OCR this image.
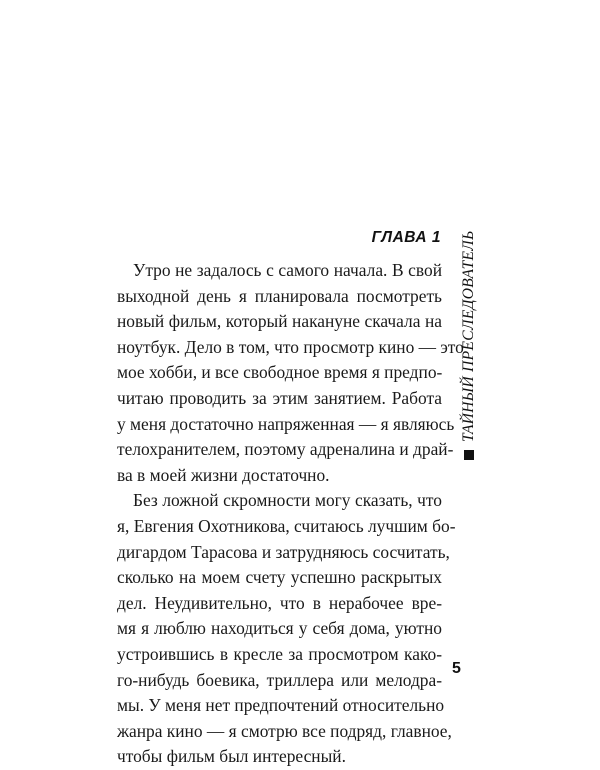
ГЛАВА 1
Утро не задалось с самого начала. В свой
выходной день я планировала посмотреть
новый фильм, который накануне скачала на
ноутбук. Дело в том, что просмотр кино — это
мое хобби, и все свободное время я предпо-
читаю проводить за этим занятием. Работа
у меня достаточно напряженная — я являюсь
телохранителем, поэтому адреналина и драй-
ва в моей жизни достаточно.
Без ложной скромности могу сказать, что
я, Евгения Охотникова, считаюсь лучшим бо-
дигардом Тарасова и затрудняюсь сосчитать,
сколько на моем счету успешно раскрытых
дел. Неудивительно, что в нерабочее вре-
мя я люблю находиться у себя дома, уютно
устроившись в кресле за просмотром како-
го-нибудь боевика, триллера или мелодра-
мы. У меня нет предпочтений относительно
жанра кино — я смотрю все подряд, главное,
чтобы фильм был интересный.
ТАЙНЫЙ ПРЕСЛЕДОВАТЕЛЬ
5
